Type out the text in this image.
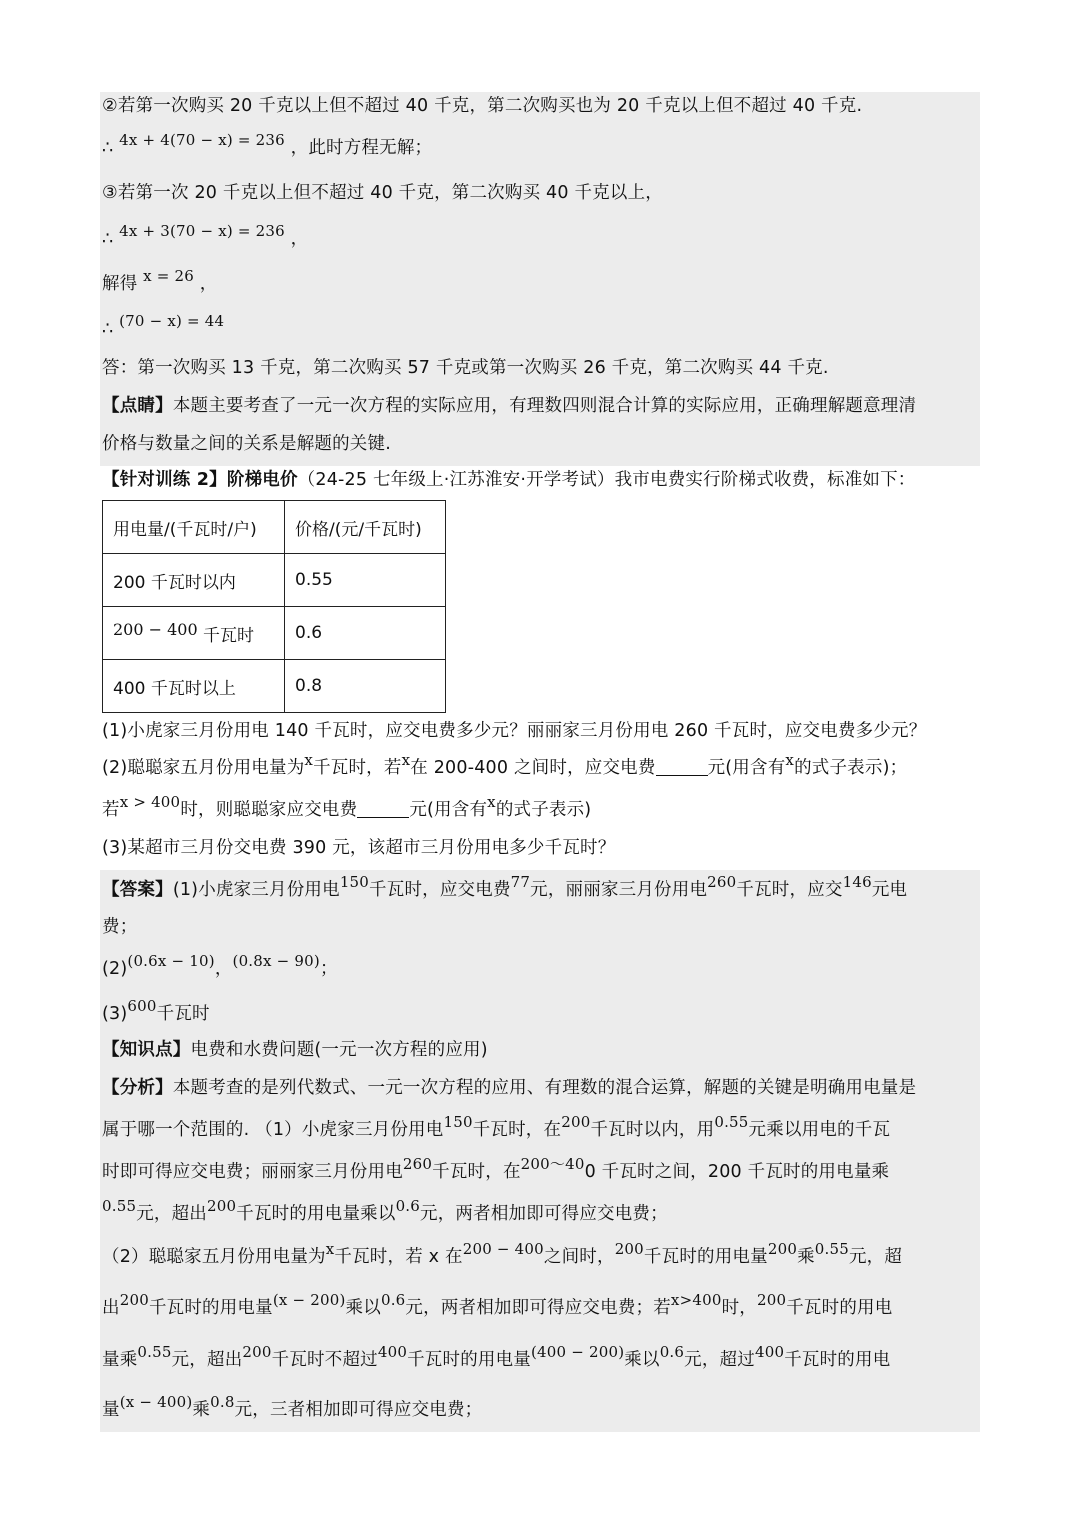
②若第一次购买 20 千克以上但不超过 40 千克，第二次购买也为 20 千克以上但不超过 40 千克.
∴ 4x + 4(70 − x) = 236 ，此时方程无解；
③若第一次 20 千克以上但不超过 40 千克，第二次购买 40 千克以上，
∴ 4x + 3(70 − x) = 236 ，
解得 x = 26 ，
∴ (70 − x) = 44
答：第一次购买 13 千克，第二次购买 57 千克或第一次购买 26 千克，第二次购买 44 千克.
【点睛】本题主要考查了一元一次方程的实际应用，有理数四则混合计算的实际应用，正确理解题意理清
价格与数量之间的关系是解题的关键.
【针对训练 2】阶梯电价（24-25 七年级上·江苏淮安·开学考试）我市电费实行阶梯式收费，标准如下：
用电量/(千瓦时/户)	价格/(元/千瓦时)
200 千瓦时以内	0.55
200 − 400 千瓦时	0.6
400 千瓦时以上	0.8
(1)小虎家三月份用电 140 千瓦时，应交电费多少元？丽丽家三月份用电 260 千瓦时，应交电费多少元？
(2)聪聪家五月份用电量为x千瓦时，若x在 200-400 之间时，应交电费	元(用含有x的式子表示)；
若x > 400时，则聪聪家应交电费	元(用含有x的式子表示)
(3)某超市三月份交电费 390 元，该超市三月份用电多少千瓦时？
【答案】(1)小虎家三月份用电150千瓦时，应交电费77元，丽丽家三月份用电260千瓦时，应交146元电
费；
(2)(0.6x − 10)，(0.8x − 90)；
(3)600千瓦时
【知识点】电费和水费问题(一元一次方程的应用)
【分析】本题考查的是列代数式、一元一次方程的应用、有理数的混合运算，解题的关键是明确用电量是
属于哪一个范围的. （1）小虎家三月份用电150千瓦时，在200千瓦时以内，用0.55元乘以用电的千瓦
时即可得应交电费；丽丽家三月份用电260千瓦时，在200～400 千瓦时之间，200 千瓦时的用电量乘
0.55元，超出200千瓦时的用电量乘以0.6元，两者相加即可得应交电费；
（2）聪聪家五月份用电量为x千瓦时，若 x 在200 − 400之间时，200千瓦时的用电量200乘0.55元，超
出200千瓦时的用电量(x − 200)乘以0.6元，两者相加即可得应交电费；若x>400时，200千瓦时的用电
量乘0.55元，超出200千瓦时不超过400千瓦时的用电量(400 − 200)乘以0.6元，超过400千瓦时的用电
量(x − 400)乘0.8元，三者相加即可得应交电费；
